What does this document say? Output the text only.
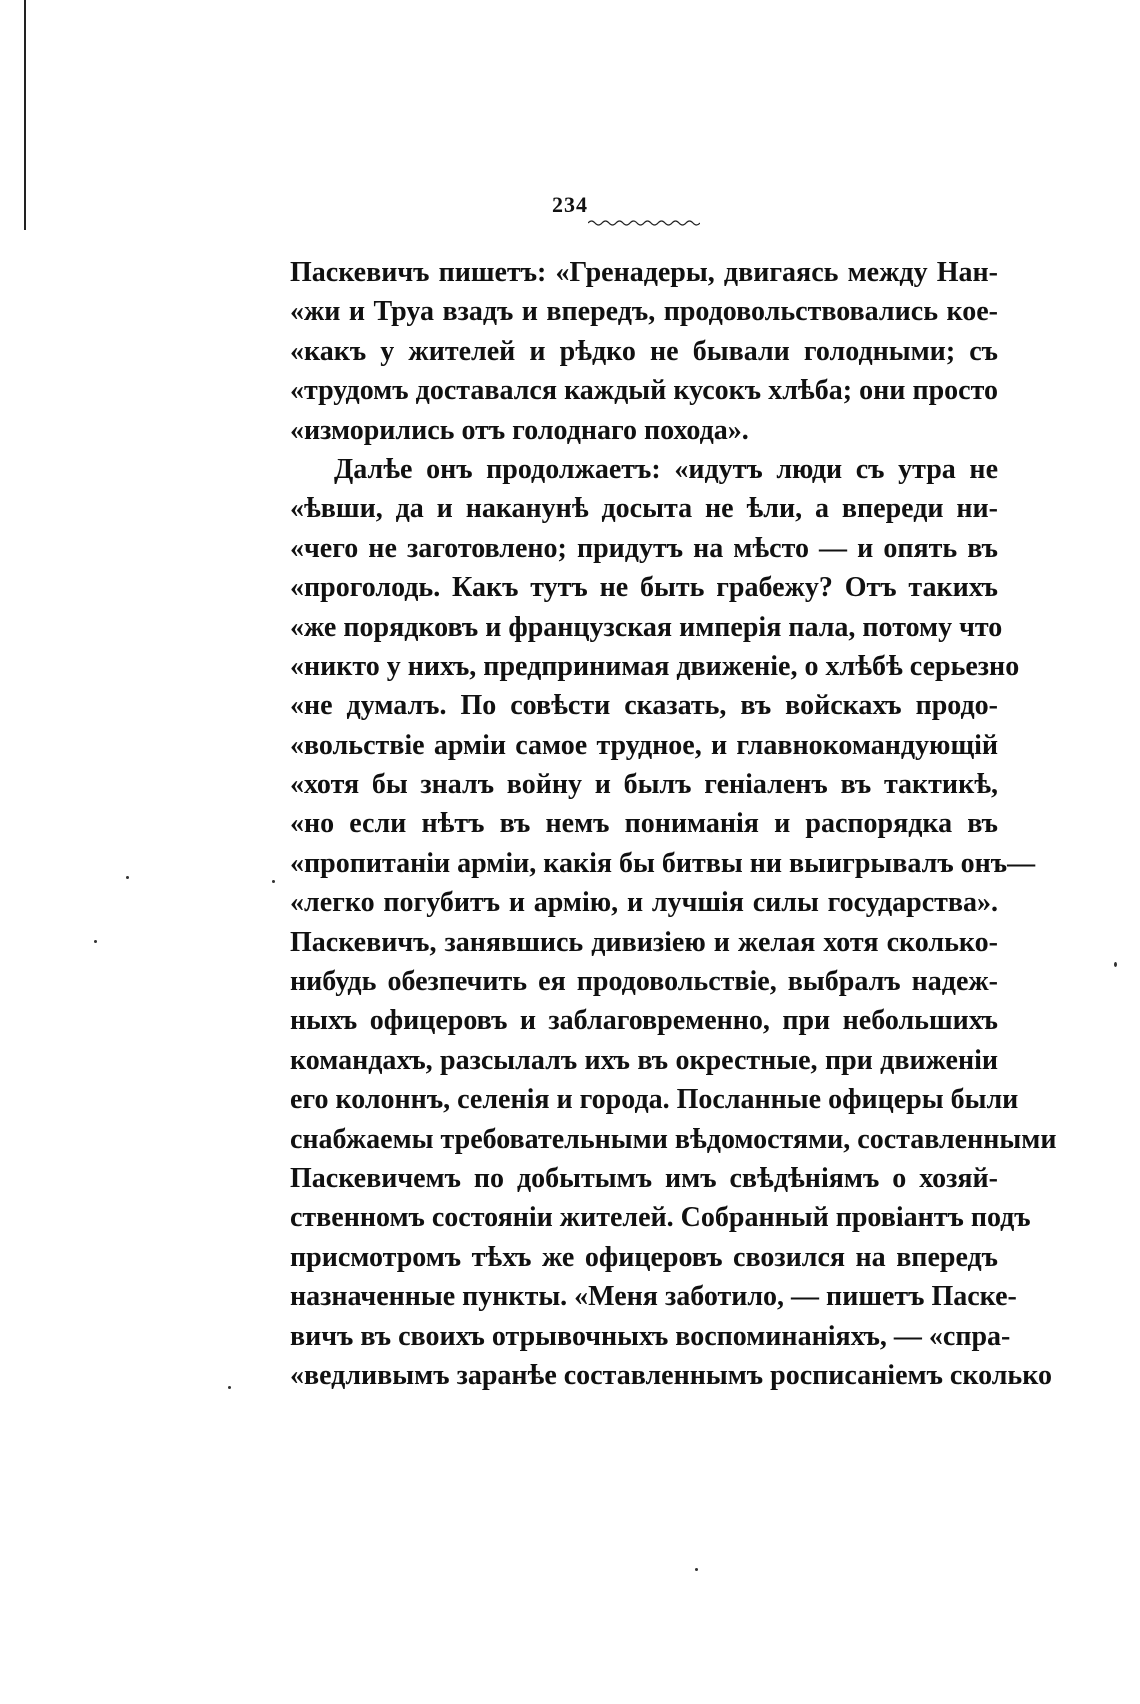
234
Паскевичъ пишетъ: «Гренадеры, двигаясь между Нан-
«жи и Труа взадъ и впередъ, продовольствовались кое-
«какъ у жителей и рѣдко не бывали голодными; съ
«трудомъ доставался каждый кусокъ хлѣба; они просто
«изморились отъ голоднаго похода».
Далѣе онъ продолжаетъ: «идутъ люди съ утра не
«ѣвши, да и наканунѣ досыта не ѣли, а впереди ни-
«чего не заготовлено; придутъ на мѣсто — и опять въ
«проголодь. Какъ тутъ не быть грабежу? Отъ такихъ
«же порядковъ и французская имперія пала, потому что
«никто у нихъ, предпринимая движеніе, о хлѣбѣ серьезно
«не думалъ. По совѣсти сказать, въ войскахъ продо-
«вольствіе арміи самое трудное, и главнокомандующій
«хотя бы зналъ войну и былъ геніаленъ въ тактикѣ,
«но если нѣтъ въ немъ пониманія и распорядка въ
«пропитаніи арміи, какія бы битвы ни выигрывалъ онъ—
«легко погубитъ и армію, и лучшія силы государства».
Паскевичъ, занявшись дивизіею и желая хотя сколько-
нибудь обезпечить ея продовольствіе, выбралъ надеж-
ныхъ офицеровъ и заблаговременно, при небольшихъ
командахъ, разсылалъ ихъ въ окрестные, при движеніи
его колоннъ, селенія и города. Посланные офицеры были
снабжаемы требовательными вѣдомостями, составленными
Паскевичемъ по добытымъ имъ свѣдѣніямъ о хозяй-
ственномъ состояніи жителей. Собранный провіантъ подъ
присмотромъ тѣхъ же офицеровъ свозился на впередъ
назначенные пункты. «Меня заботило, — пишетъ Паске-
вичъ въ своихъ отрывочныхъ воспоминаніяхъ, — «спра-
«ведливымъ заранѣе составленнымъ росписаніемъ сколько
